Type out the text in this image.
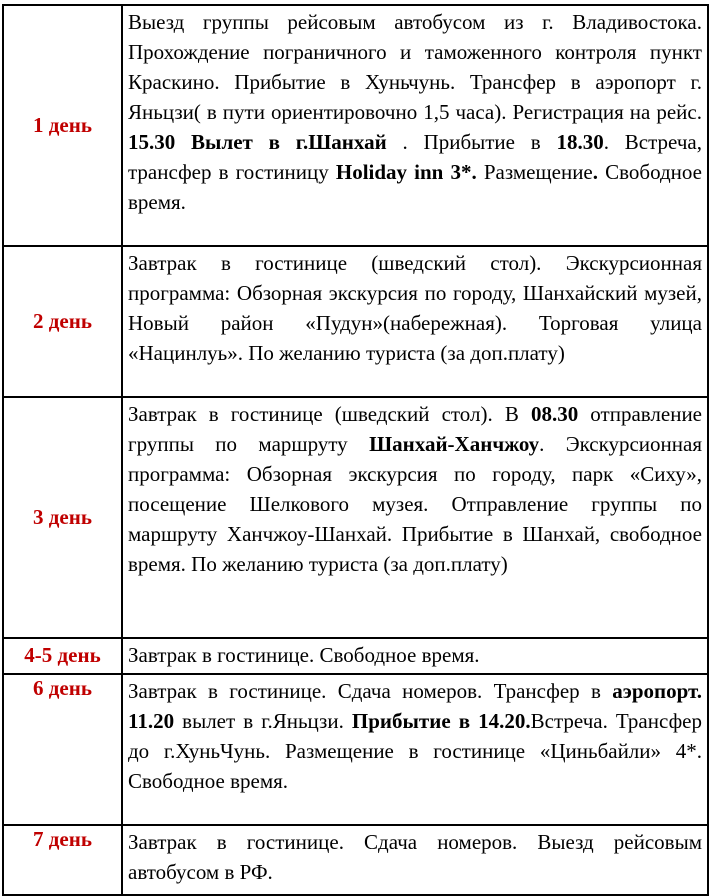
1 день	Выезд группы рейсовым автобусом из г. Владивостока. Прохождение пограничного и таможенного контроля пункт Краскино. Прибытие в Хуньчунь. Трансфер в аэропорт г. Яньцзи( в пути ориентировочно 1,5 часа). Регистрация на рейс. 15.30 Вылет в г.Шанхай . Прибытие в 18.30. Встреча, трансфер в гостиницу Holiday inn 3*. Размещение. Свободное время.
2 день	Завтрак в гостинице (шведский стол). Экскурсионная программа: Обзорная экскурсия по городу, Шанхайский музей, Новый район «Пудун»(набережная). Торговая улица «Нацинлуь». По желанию туриста (за доп.плату)
3 день	Завтрак в гостинице (шведский стол). В 08.30 отправление группы по маршруту Шанхай-Ханчжоу. Экскурсионная программа: Обзорная экскурсия по городу, парк «Сиху», посещение Шелкового музея. Отправление группы по маршруту Ханчжоу-Шанхай. Прибытие в Шанхай, свободное время. По желанию туриста (за доп.плату)
4-5 день	Завтрак в гостинице. Свободное время.
6 день	Завтрак в гостинице. Сдача номеров. Трансфер в аэропорт. 11.20 вылет в г.Яньцзи. Прибытие в 14.20.Встреча. Трансфер до г.ХуньЧунь. Размещение в гостинице «Циньбайли» 4*. Свободное время.
7 день	Завтрак в гостинице. Сдача номеров. Выезд рейсовым автобусом в РФ.
